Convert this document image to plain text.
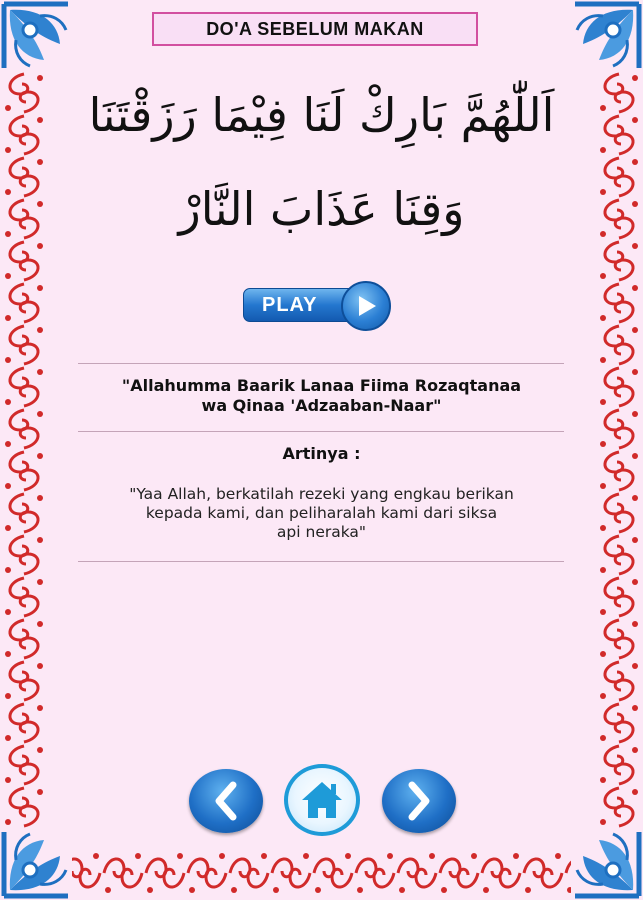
DO'A SEBELUM MAKAN
اَللّٰهُمَّ بَارِكْ لَنَا فِيْمَا رَزَقْتَنَا
وَقِنَا عَذَابَ النَّارْ
PLAY
"Allahumma Baarik Lanaa Fiima Rozaqtanaa
wa Qinaa 'Adzaaban-Naar"
Artinya :
"Yaa Allah, berkatilah rezeki yang engkau berikan
kepada kami, dan peliharalah kami dari siksa
api neraka"
